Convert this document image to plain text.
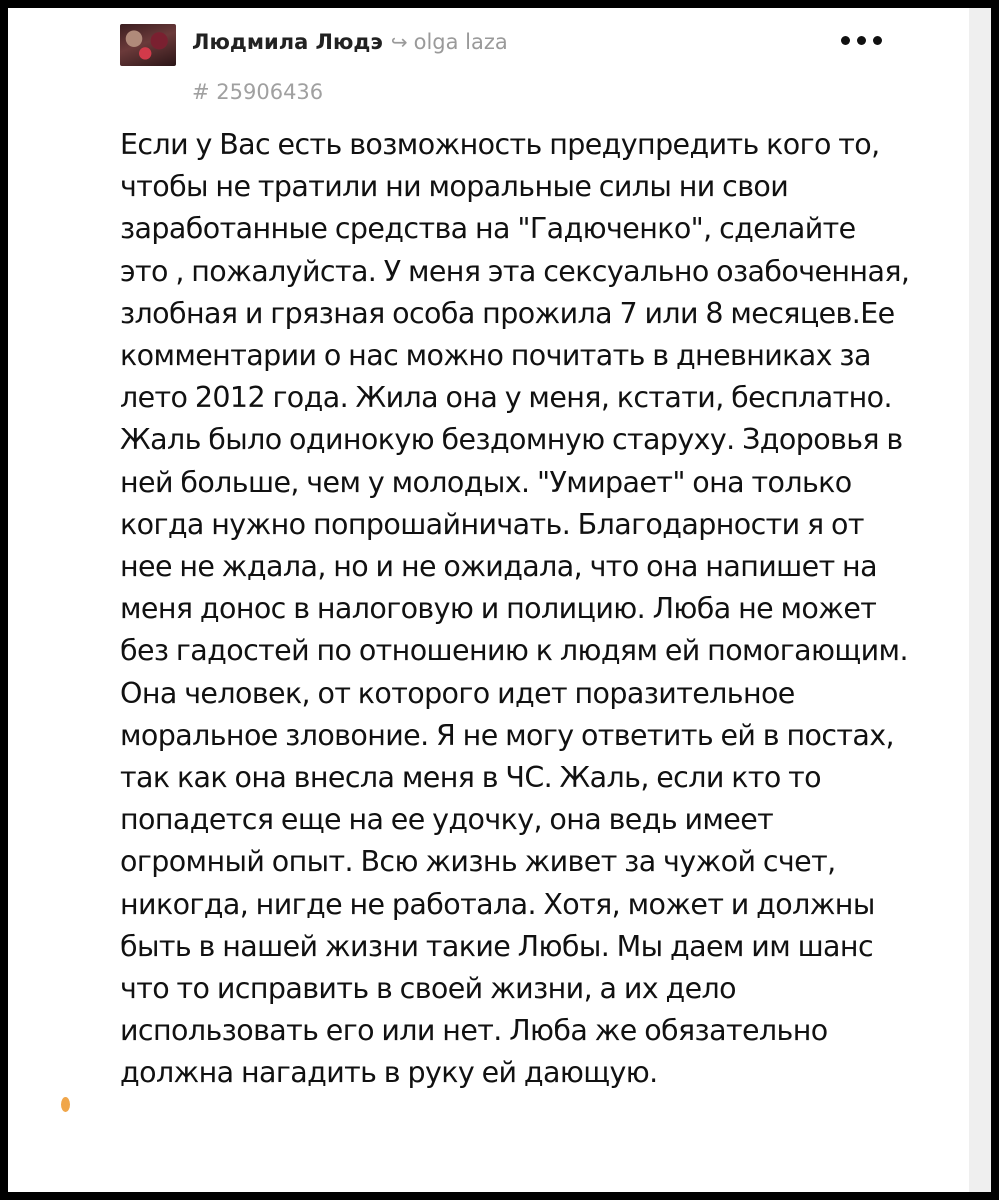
Людмила Людэ ↪ olga laza
# 25906436

Если у Вас есть возможность предупредить кого то, чтобы не тратили ни моральные силы ни свои заработанные средства на "Гадюченко", сделайте это , пожалуйста. У меня эта сексуально озабоченная, злобная и грязная особа прожила 7 или 8 месяцев.Ее комментарии о нас можно почитать в дневниках за лето 2012 года. Жила она у меня, кстати, бесплатно. Жаль было одинокую бездомную старуху. Здоровья в ней больше, чем у молодых. "Умирает" она только когда нужно попрошайничать. Благодарности я от нее не ждала, но и не ожидала, что она напишет на меня донос в налоговую и полицию. Люба не может без гадостей по отношению к людям ей помогающим. Она человек, от которого идет поразительное моральное зловоние. Я не могу ответить ей в постах, так как она внесла меня в ЧС. Жаль, если кто то попадется еще на ее удочку, она ведь имеет огромный опыт. Всю жизнь живет за чужой счет, никогда, нигде не работала. Хотя, может и должны быть в нашей жизни такие Любы. Мы даем им шанс что то исправить в своей жизни, а их дело использовать его или нет. Люба же обязательно должна нагадить в руку ей дающую.
